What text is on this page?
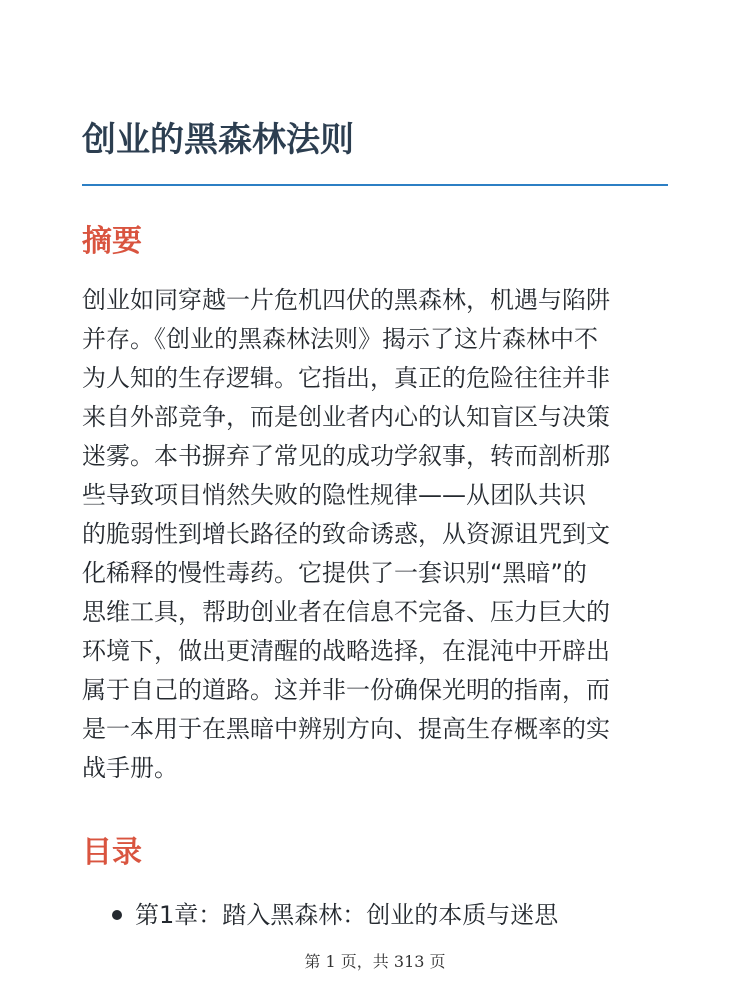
创业的黑森林法则
摘要
创业如同穿越一片危机四伏的黑森林，机遇与陷阱
并存。《创业的黑森林法则》揭示了这片森林中不
为人知的生存逻辑。它指出，真正的危险往往并非
来自外部竞争，而是创业者内心的认知盲区与决策
迷雾。本书摒弃了常见的成功学叙事，转而剖析那
些导致项目悄然失败的隐性规律——从团队共识
的脆弱性到增长路径的致命诱惑，从资源诅咒到文
化稀释的慢性毒药。它提供了一套识别“黑暗”的
思维工具，帮助创业者在信息不完备、压力巨大的
环境下，做出更清醒的战略选择，在混沌中开辟出
属于自己的道路。这并非一份确保光明的指南，而
是一本用于在黑暗中辨别方向、提高生存概率的实
战手册。
目录
第1章：踏入黑森林：创业的本质与迷思
第 1 页，共 313 页
